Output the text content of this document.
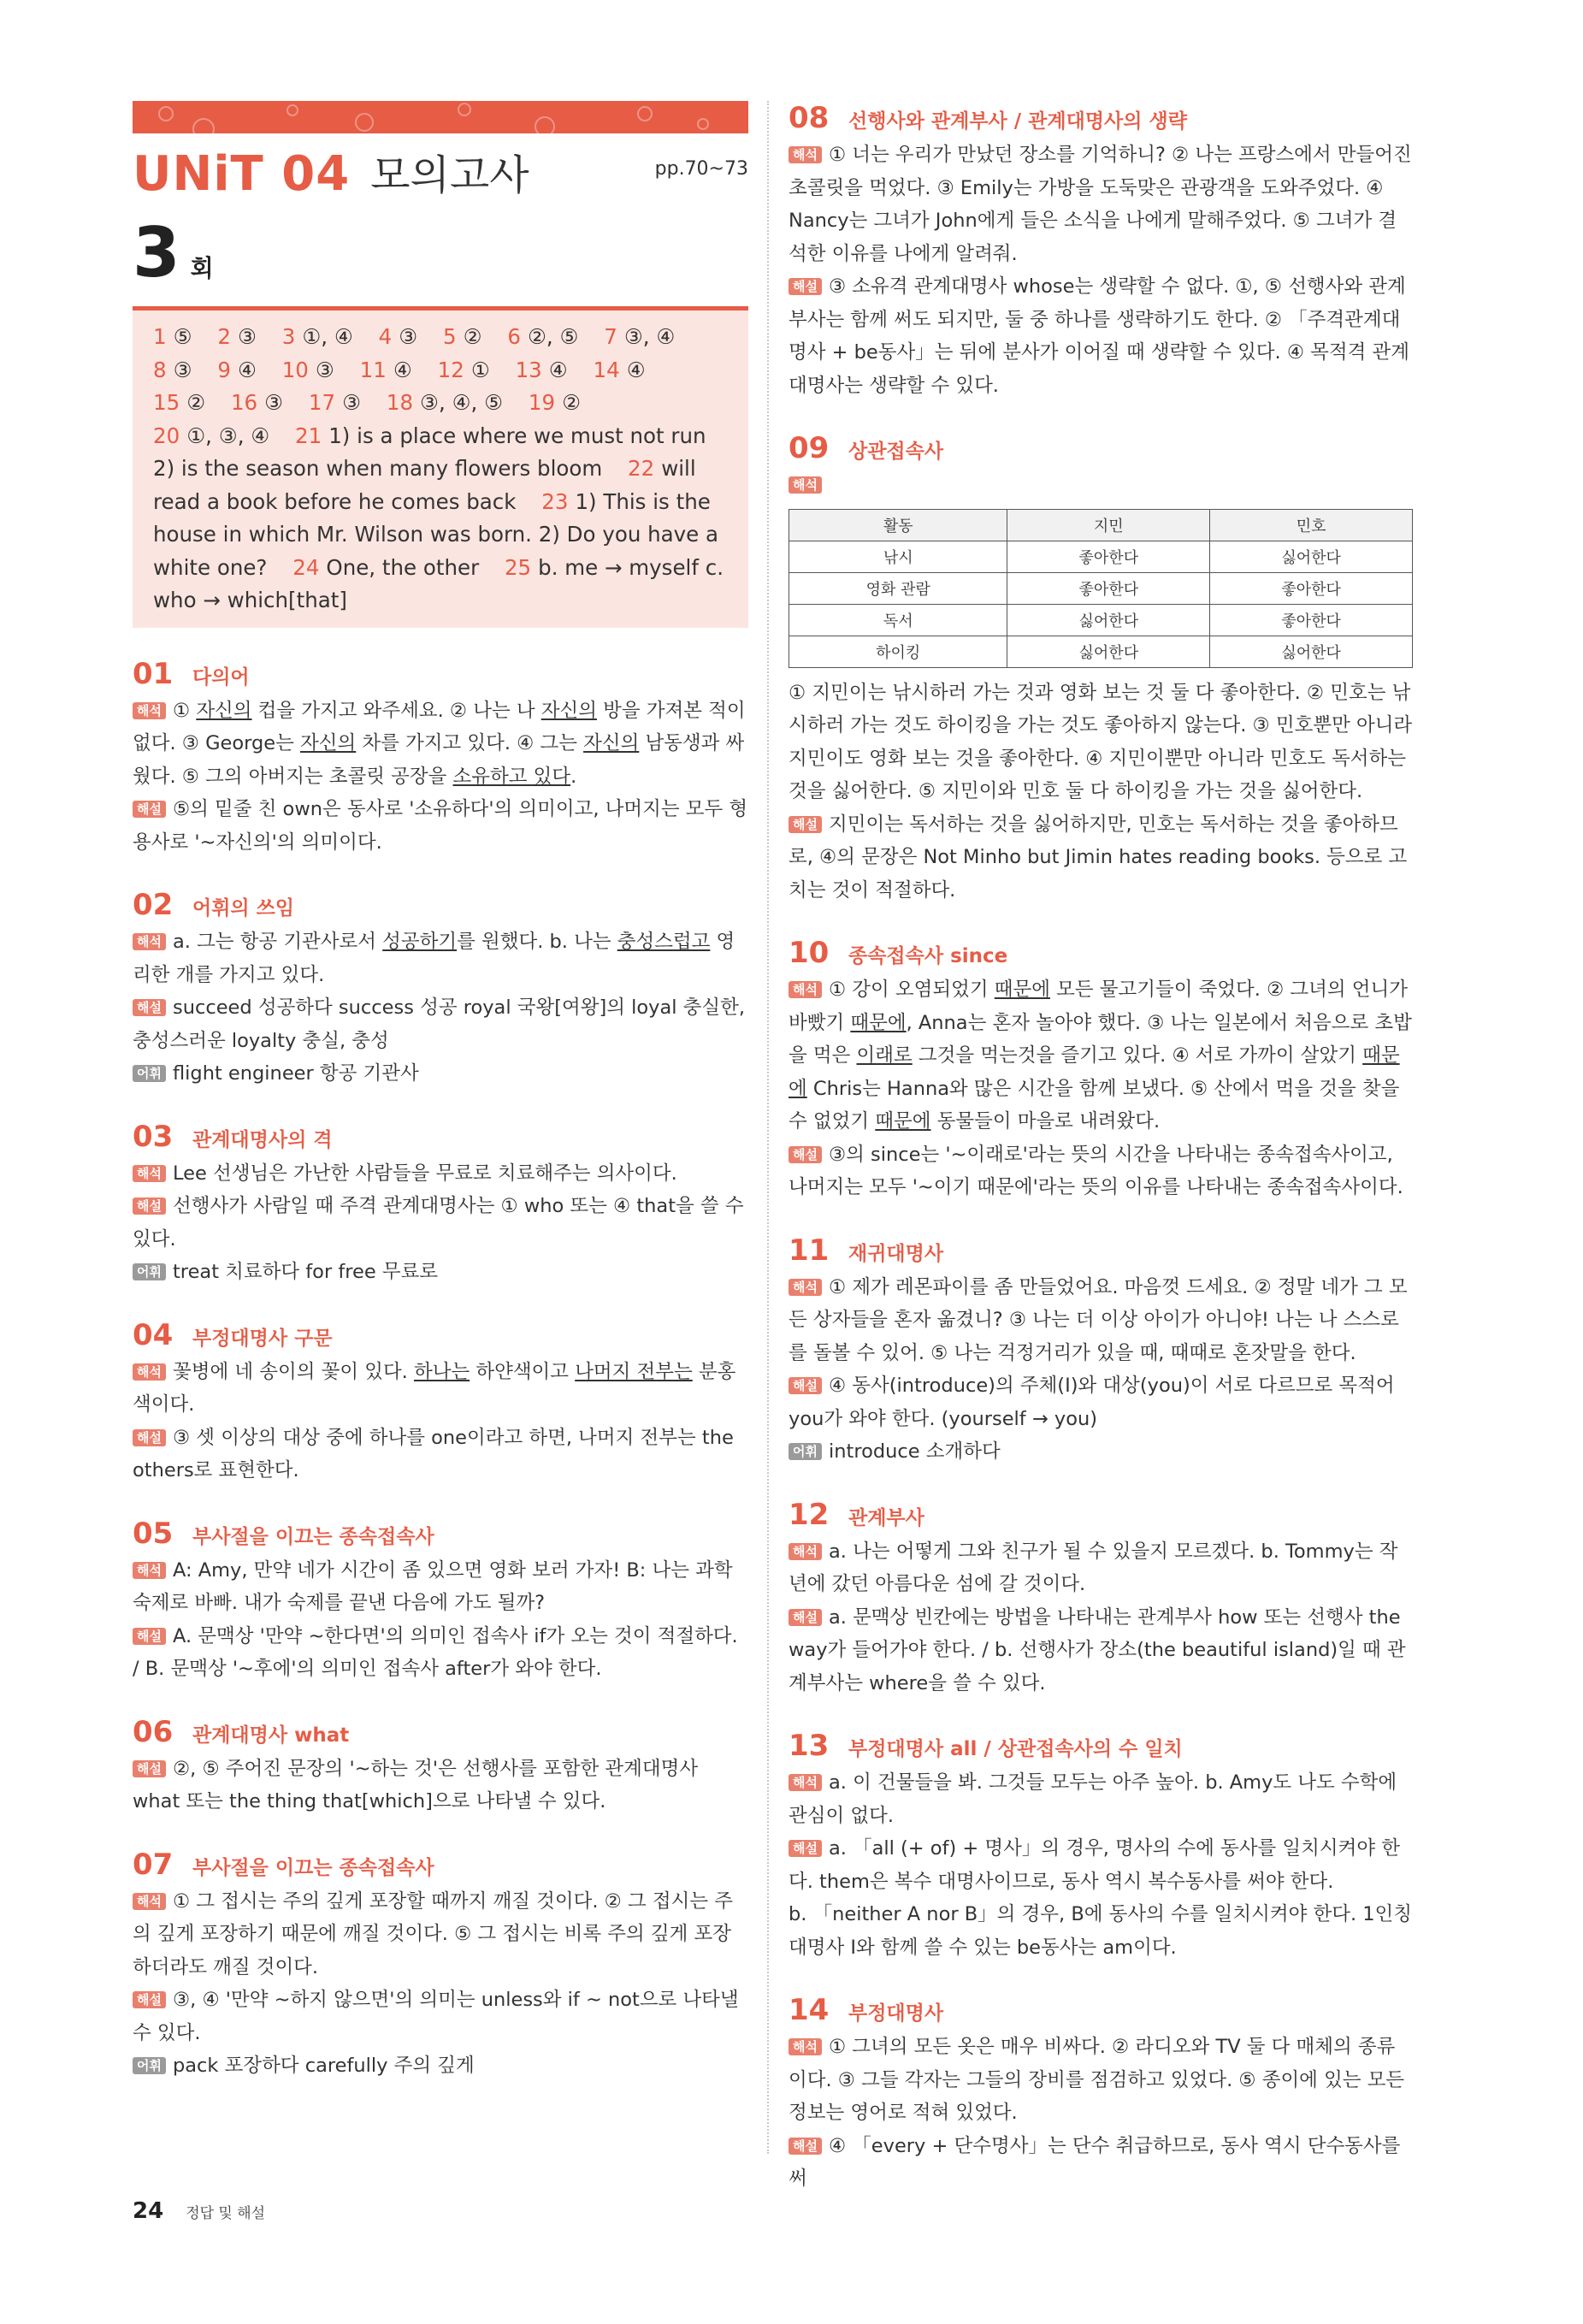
UNiT 04 모의고사	pp.70~73
3 회
1 ⑤ 2 ③ 3 ①, ④ 4 ③ 5 ② 6 ②, ⑤ 7 ③, ④ 8 ③ 9 ④ 10 ③ 11 ④ 12 ① 13 ④ 14 ④ 15 ② 16 ③ 17 ③ 18 ③, ④, ⑤ 19 ② 20 ①, ③, ④ 21 1) is a place where we must not run 2) is the season when many flowers bloom 22 will read a book before he comes back 23 1) This is the house in which Mr. Wilson was born. 2) Do you have a white one? 24 One, the other 25 b. me → myself c. who → which[that]
01 다의어
해석 ① 자신의 컵을 가지고 와주세요. ② 나는 나 자신의 방을 가져본 적이 없다. ③ George는 자신의 차를 가지고 있다. ④ 그는 자신의 남동생과 싸웠다. ⑤ 그의 아버지는 초콜릿 공장을 소유하고 있다.
해설 ⑤의 밑줄 친 own은 동사로 '소유하다'의 의미이고, 나머지는 모두 형용사로 '~자신의'의 의미이다.
02 어휘의 쓰임
해석 a. 그는 항공 기관사로서 성공하기를 원했다. b. 나는 충성스럽고 영리한 개를 가지고 있다.
해설 succeed 성공하다 success 성공 royal 국왕[여왕]의 loyal 충실한, 충성스러운 loyalty 충실, 충성
어휘 flight engineer 항공 기관사
03 관계대명사의 격
해석 Lee 선생님은 가난한 사람들을 무료로 치료해주는 의사이다.
해설 선행사가 사람일 때 주격 관계대명사는 ① who 또는 ④ that을 쓸 수 있다.
어휘 treat 치료하다 for free 무료로
04 부정대명사 구문
해석 꽃병에 네 송이의 꽃이 있다. 하나는 하얀색이고 나머지 전부는 분홍색이다.
해설 ③ 셋 이상의 대상 중에 하나를 one이라고 하면, 나머지 전부는 the others로 표현한다.
05 부사절을 이끄는 종속접속사
해석 A: Amy, 만약 네가 시간이 좀 있으면 영화 보러 가자! B: 나는 과학 숙제로 바빠. 내가 숙제를 끝낸 다음에 가도 될까?
해설 A. 문맥상 '만약 ~한다면'의 의미인 접속사 if가 오는 것이 적절하다. / B. 문맥상 '~후에'의 의미인 접속사 after가 와야 한다.
06 관계대명사 what
해설 ②, ⑤ 주어진 문장의 '~하는 것'은 선행사를 포함한 관계대명사 what 또는 the thing that[which]으로 나타낼 수 있다.
07 부사절을 이끄는 종속접속사
해석 ① 그 접시는 주의 깊게 포장할 때까지 깨질 것이다. ② 그 접시는 주의 깊게 포장하기 때문에 깨질 것이다. ⑤ 그 접시는 비록 주의 깊게 포장하더라도 깨질 것이다.
해설 ③, ④ '만약 ~하지 않으면'의 의미는 unless와 if ~ not으로 나타낼 수 있다.
어휘 pack 포장하다 carefully 주의 깊게
08 선행사와 관계부사 / 관계대명사의 생략
해석 ① 너는 우리가 만났던 장소를 기억하니? ② 나는 프랑스에서 만들어진 초콜릿을 먹었다. ③ Emily는 가방을 도둑맞은 관광객을 도와주었다. ④ Nancy는 그녀가 John에게 들은 소식을 나에게 말해주었다. ⑤ 그녀가 결석한 이유를 나에게 알려줘.
해설 ③ 소유격 관계대명사 whose는 생략할 수 없다. ①, ⑤ 선행사와 관계부사는 함께 써도 되지만, 둘 중 하나를 생략하기도 한다. ② 「주격관계대명사 + be동사」는 뒤에 분사가 이어질 때 생략할 수 있다. ④ 목적격 관계대명사는 생략할 수 있다.
09 상관접속사
해석
활동	지민	민호
낚시	좋아한다	싫어한다
영화 관람	좋아한다	좋아한다
독서	싫어한다	좋아한다
하이킹	싫어한다	싫어한다
① 지민이는 낚시하러 가는 것과 영화 보는 것 둘 다 좋아한다. ② 민호는 낚시하러 가는 것도 하이킹을 가는 것도 좋아하지 않는다. ③ 민호뿐만 아니라 지민이도 영화 보는 것을 좋아한다. ④ 지민이뿐만 아니라 민호도 독서하는 것을 싫어한다. ⑤ 지민이와 민호 둘 다 하이킹을 가는 것을 싫어한다.
해설 지민이는 독서하는 것을 싫어하지만, 민호는 독서하는 것을 좋아하므로, ④의 문장은 Not Minho but Jimin hates reading books. 등으로 고치는 것이 적절하다.
10 종속접속사 since
해석 ① 강이 오염되었기 때문에 모든 물고기들이 죽었다. ② 그녀의 언니가 바빴기 때문에, Anna는 혼자 놀아야 했다. ③ 나는 일본에서 처음으로 초밥을 먹은 이래로 그것을 먹는것을 즐기고 있다. ④ 서로 가까이 살았기 때문에 Chris는 Hanna와 많은 시간을 함께 보냈다. ⑤ 산에서 먹을 것을 찾을 수 없었기 때문에 동물들이 마을로 내려왔다.
해설 ③의 since는 '~이래로'라는 뜻의 시간을 나타내는 종속접속사이고, 나머지는 모두 '~이기 때문에'라는 뜻의 이유를 나타내는 종속접속사이다.
11 재귀대명사
해석 ① 제가 레몬파이를 좀 만들었어요. 마음껏 드세요. ② 정말 네가 그 모든 상자들을 혼자 옮겼니? ③ 나는 더 이상 아이가 아니야! 나는 나 스스로를 돌볼 수 있어. ⑤ 나는 걱정거리가 있을 때, 때때로 혼잣말을 한다.
해설 ④ 동사(introduce)의 주체(I)와 대상(you)이 서로 다르므로 목적어 you가 와야 한다. (yourself → you)
어휘 introduce 소개하다
12 관계부사
해석 a. 나는 어떻게 그와 친구가 될 수 있을지 모르겠다. b. Tommy는 작년에 갔던 아름다운 섬에 갈 것이다.
해설 a. 문맥상 빈칸에는 방법을 나타내는 관계부사 how 또는 선행사 the way가 들어가야 한다. / b. 선행사가 장소(the beautiful island)일 때 관계부사는 where을 쓸 수 있다.
13 부정대명사 all / 상관접속사의 수 일치
해석 a. 이 건물들을 봐. 그것들 모두는 아주 높아. b. Amy도 나도 수학에 관심이 없다.
해설 a. 「all (+ of) + 명사」의 경우, 명사의 수에 동사를 일치시켜야 한다. them은 복수 대명사이므로, 동사 역시 복수동사를 써야 한다.
b. 「neither A nor B」의 경우, B에 동사의 수를 일치시켜야 한다. 1인칭 대명사 I와 함께 쓸 수 있는 be동사는 am이다.
14 부정대명사
해석 ① 그녀의 모든 옷은 매우 비싸다. ② 라디오와 TV 둘 다 매체의 종류이다. ③ 그들 각자는 그들의 장비를 점검하고 있었다. ⑤ 종이에 있는 모든 정보는 영어로 적혀 있었다.
해설 ④ 「every + 단수명사」는 단수 취급하므로, 동사 역시 단수동사를 써
24 정답 및 해설
